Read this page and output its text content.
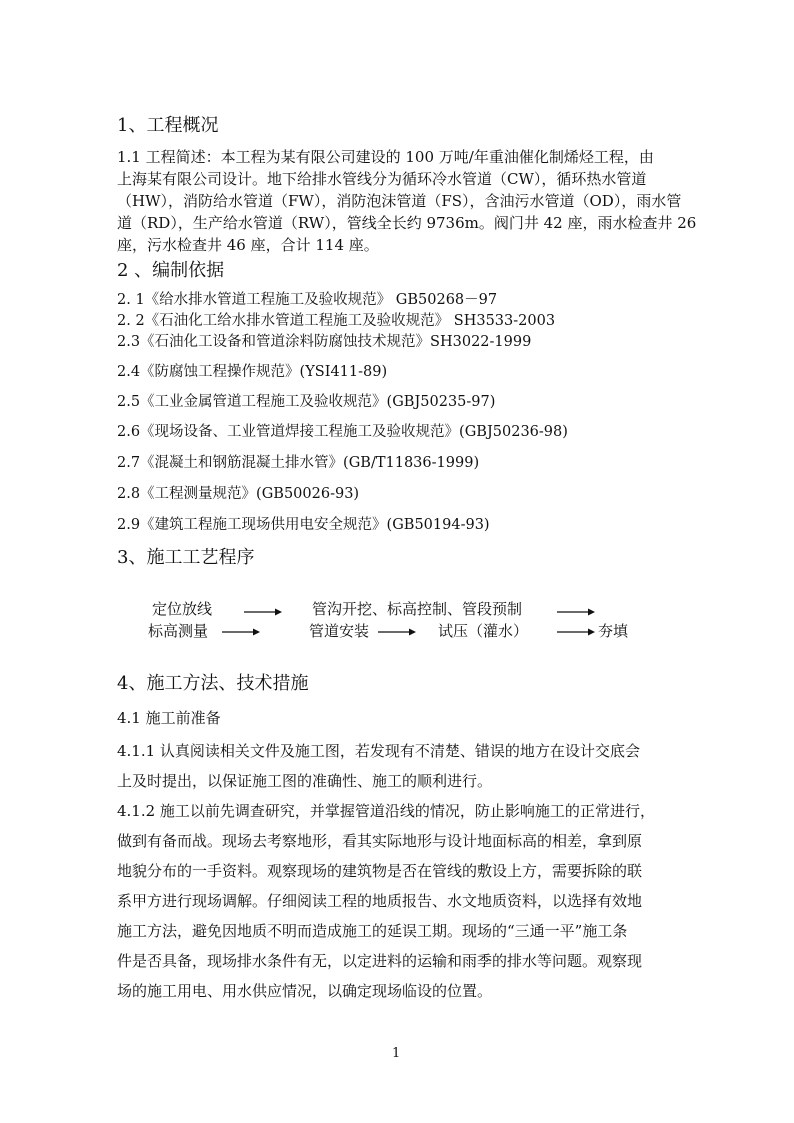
1、工程概况
1.1 工程简述：本工程为某有限公司建设的 100 万吨/年重油催化制烯烃工程，由
上海某有限公司设计。地下给排水管线分为循环冷水管道（CW），循环热水管道
（HW），消防给水管道（FW），消防泡沫管道（FS），含油污水管道（OD），雨水管
道（RD），生产给水管道（RW），管线全长约 9736m。阀门井 42 座，雨水检查井 26
座，污水检查井 46 座，合计 114 座。
2 、编制依据
2. 1《给水排水管道工程施工及验收规范》 GB50268－97
2. 2《石油化工给水排水管道工程施工及验收规范》 SH3533-2003
2.3《石油化工设备和管道涂料防腐蚀技术规范》SH3022-1999
2.4《防腐蚀工程操作规范》(YSI411-89)
2.5《工业金属管道工程施工及验收规范》(GBJ50235-97)
2.6《现场设备、工业管道焊接工程施工及验收规范》(GBJ50236-98)
2.7《混凝土和钢筋混凝土排水管》(GB/T11836-1999)
2.8《工程测量规范》(GB50026-93)
2.9《建筑工程施工现场供用电安全规范》(GB50194-93)
3、施工工艺程序
定位放线	管沟开挖、标高控制、管段预制
标高测量	管道安装	试压（灌水）	夯填
4、施工方法、技术措施
4.1 施工前准备
4.1.1 认真阅读相关文件及施工图，若发现有不清楚、错误的地方在设计交底会
上及时提出，以保证施工图的准确性、施工的顺利进行。
4.1.2 施工以前先调查研究，并掌握管道沿线的情况，防止影响施工的正常进行，
做到有备而战。现场去考察地形，看其实际地形与设计地面标高的相差，拿到原
地貌分布的一手资料。观察现场的建筑物是否在管线的敷设上方，需要拆除的联
系甲方进行现场调解。仔细阅读工程的地质报告、水文地质资料，以选择有效地
施工方法，避免因地质不明而造成施工的延误工期。现场的“三通一平”施工条
件是否具备，现场排水条件有无，以定进料的运输和雨季的排水等问题。观察现
场的施工用电、用水供应情况，以确定现场临设的位置。
1
